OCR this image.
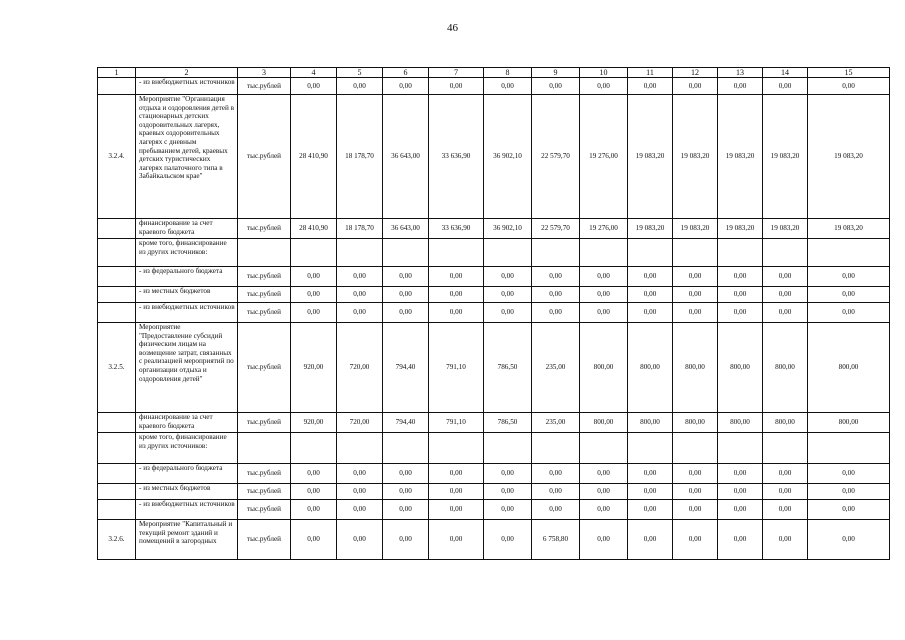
46
1	2	3	4	5	6	7	8	9	10	11	12	13	14	15
	- из внебюджетных источников	тыс.рублей	0,00	0,00	0,00	0,00	0,00	0,00	0,00	0,00	0,00	0,00	0,00	0,00
3.2.4.	Мероприятие "Организация отдыха и оздоровления детей в стационарных детских оздоровительных лагерях, краевых оздоровительных лагерях с дневным пребыванием детей, краевых детских туристических лагерях палаточного типа в Забайкальском крае"	тыс.рублей	28 410,90	18 178,70	36 643,00	33 636,90	36 902,10	22 579,70	19 276,00	19 083,20	19 083,20	19 083,20	19 083,20	19 083,20
	финансирование за счет краевого бюджета	тыс.рублей	28 410,90	18 178,70	36 643,00	33 636,90	36 902,10	22 579,70	19 276,00	19 083,20	19 083,20	19 083,20	19 083,20	19 083,20
	кроме того, финансирование из других источников:													
	- из федерального бюджета	тыс.рублей	0,00	0,00	0,00	0,00	0,00	0,00	0,00	0,00	0,00	0,00	0,00	0,00
	- из местных бюджетов	тыс.рублей	0,00	0,00	0,00	0,00	0,00	0,00	0,00	0,00	0,00	0,00	0,00	0,00
	- из внебюджетных источников	тыс.рублей	0,00	0,00	0,00	0,00	0,00	0,00	0,00	0,00	0,00	0,00	0,00	0,00
3.2.5.	Мероприятие "Предоставление субсидий физическим лицам на возмещение затрат, связанных с реализацией мероприятий по организации отдыха и оздоровления детей"	тыс.рублей	920,00	720,00	794,40	791,10	786,50	235,00	800,00	800,00	800,00	800,00	800,00	800,00
	финансирование за счет краевого бюджета	тыс.рублей	920,00	720,00	794,40	791,10	786,50	235,00	800,00	800,00	800,00	800,00	800,00	800,00
	кроме того, финансирование из других источников:													
	- из федерального бюджета	тыс.рублей	0,00	0,00	0,00	0,00	0,00	0,00	0,00	0,00	0,00	0,00	0,00	0,00
	- из местных бюджетов	тыс.рублей	0,00	0,00	0,00	0,00	0,00	0,00	0,00	0,00	0,00	0,00	0,00	0,00
	- из внебюджетных источников	тыс.рублей	0,00	0,00	0,00	0,00	0,00	0,00	0,00	0,00	0,00	0,00	0,00	0,00
3.2.6.	Мероприятие "Капитальный и текущий ремонт зданий и помещений в загородных	тыс.рублей	0,00	0,00	0,00	0,00	0,00	6 758,80	0,00	0,00	0,00	0,00	0,00	0,00
